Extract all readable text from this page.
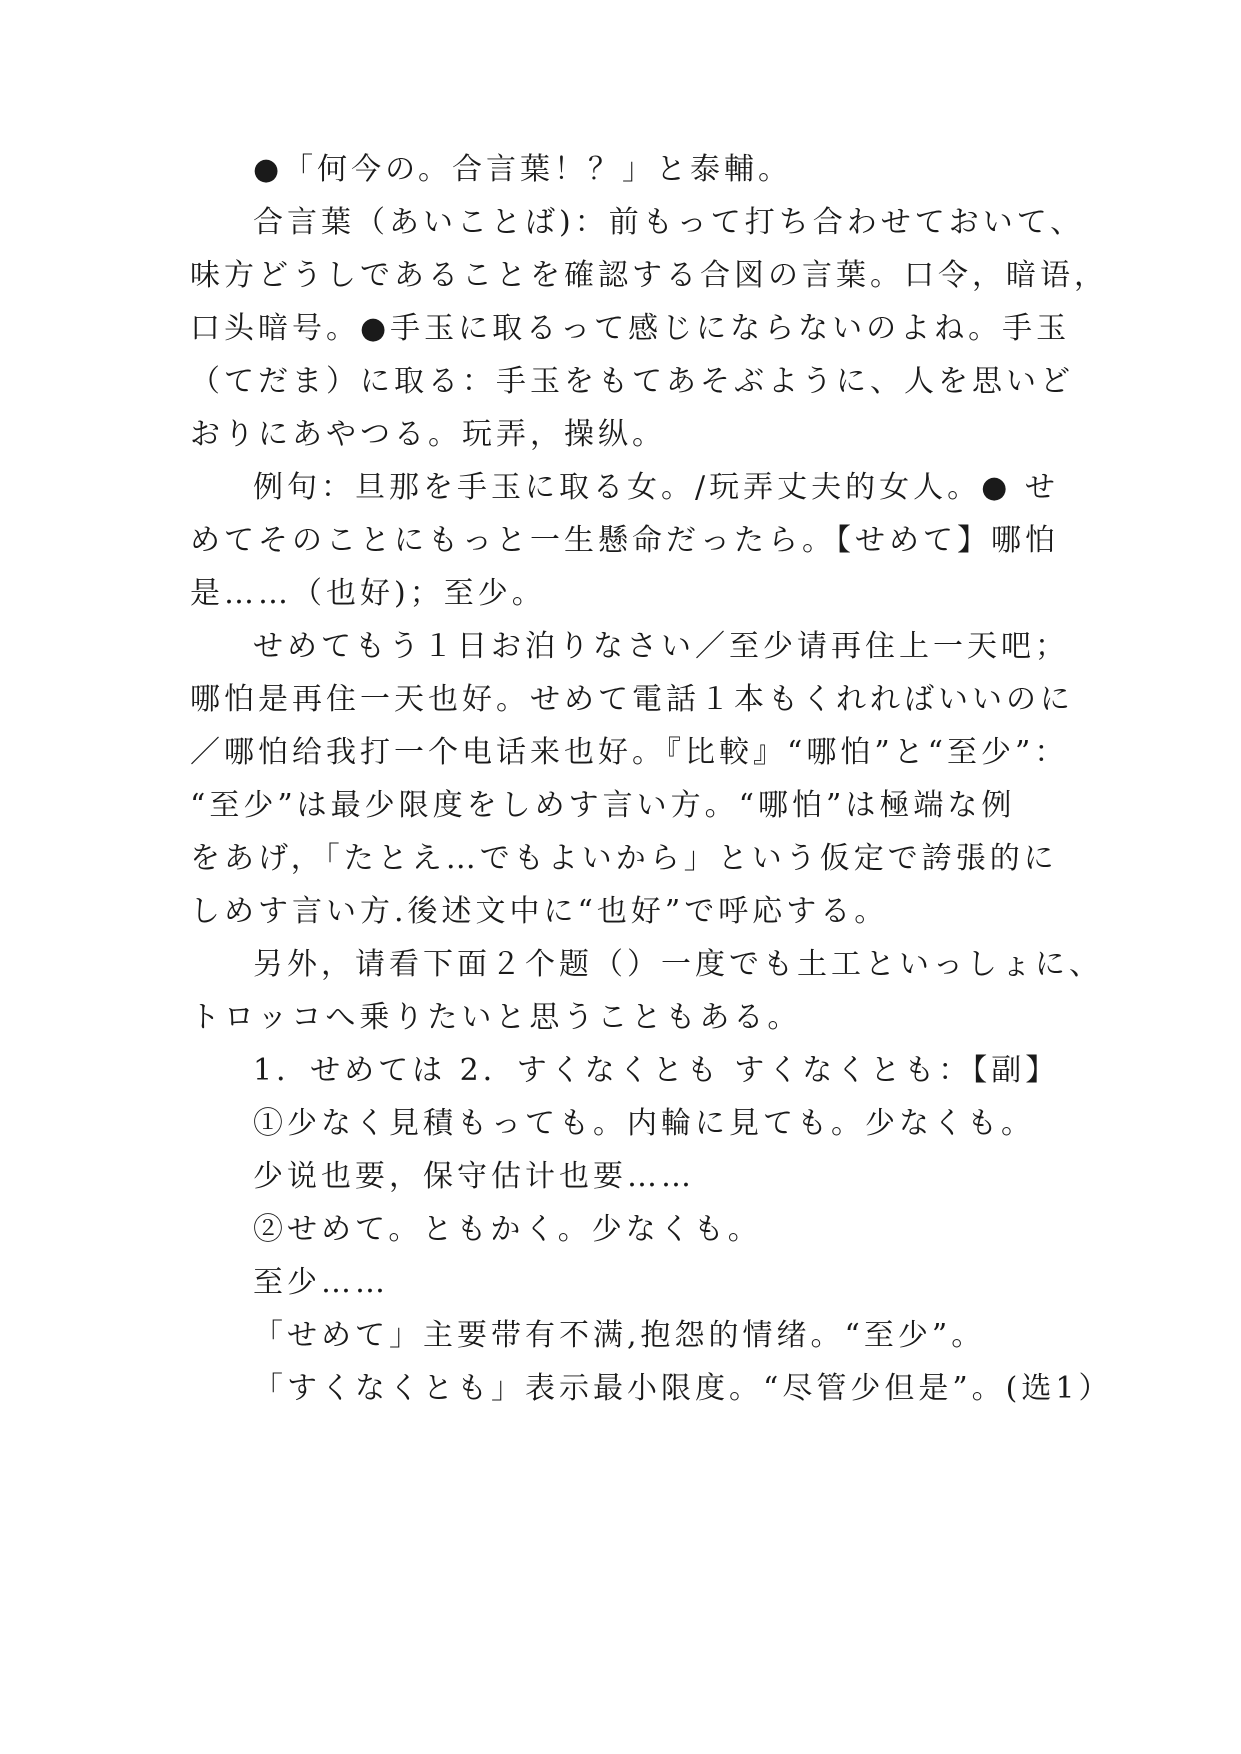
●「何今の。合言葉！？」と泰輔。
合言葉（あいことば)：前もって打ち合わせておいて、
味方どうしであることを確認する合図の言葉。口令，暗语，
口头暗号。●手玉に取るって感じにならないのよね。手玉
（てだま）に取る：手玉をもてあそぶように、人を思いど
おりにあやつる。玩弄，操纵。
例句：旦那を手玉に取る女。/玩弄丈夫的女人。● せ
めてそのことにもっと一生懸命だったら。【せめて】哪怕
是……（也好)；至少。
せめてもう１日お泊りなさい／至少请再住上一天吧；
哪怕是再住一天也好。せめて電話１本もくれればいいのに
／哪怕给我打一个电话来也好。『比較』“哪怕”と“至少”：
“至少”は最少限度をしめす言い方。“哪怕”は極端な例
をあげ，「たとえ…でもよいから」という仮定で誇張的に
しめす言い方.後述文中に“也好”で呼応する。
另外，请看下面２个题（）一度でも土工といっしょに、
トロッコへ乗りたいと思うこともある。
1．せめては 2．すくなくとも すくなくとも：【副】
①少なく見積もっても。内輪に見ても。少なくも。
少说也要，保守估计也要……
②せめて。ともかく。少なくも。
至少……
「せめて」主要带有不满,抱怨的情绪。“至少”。
「すくなくとも」表示最小限度。“尽管少但是”。(选1）
